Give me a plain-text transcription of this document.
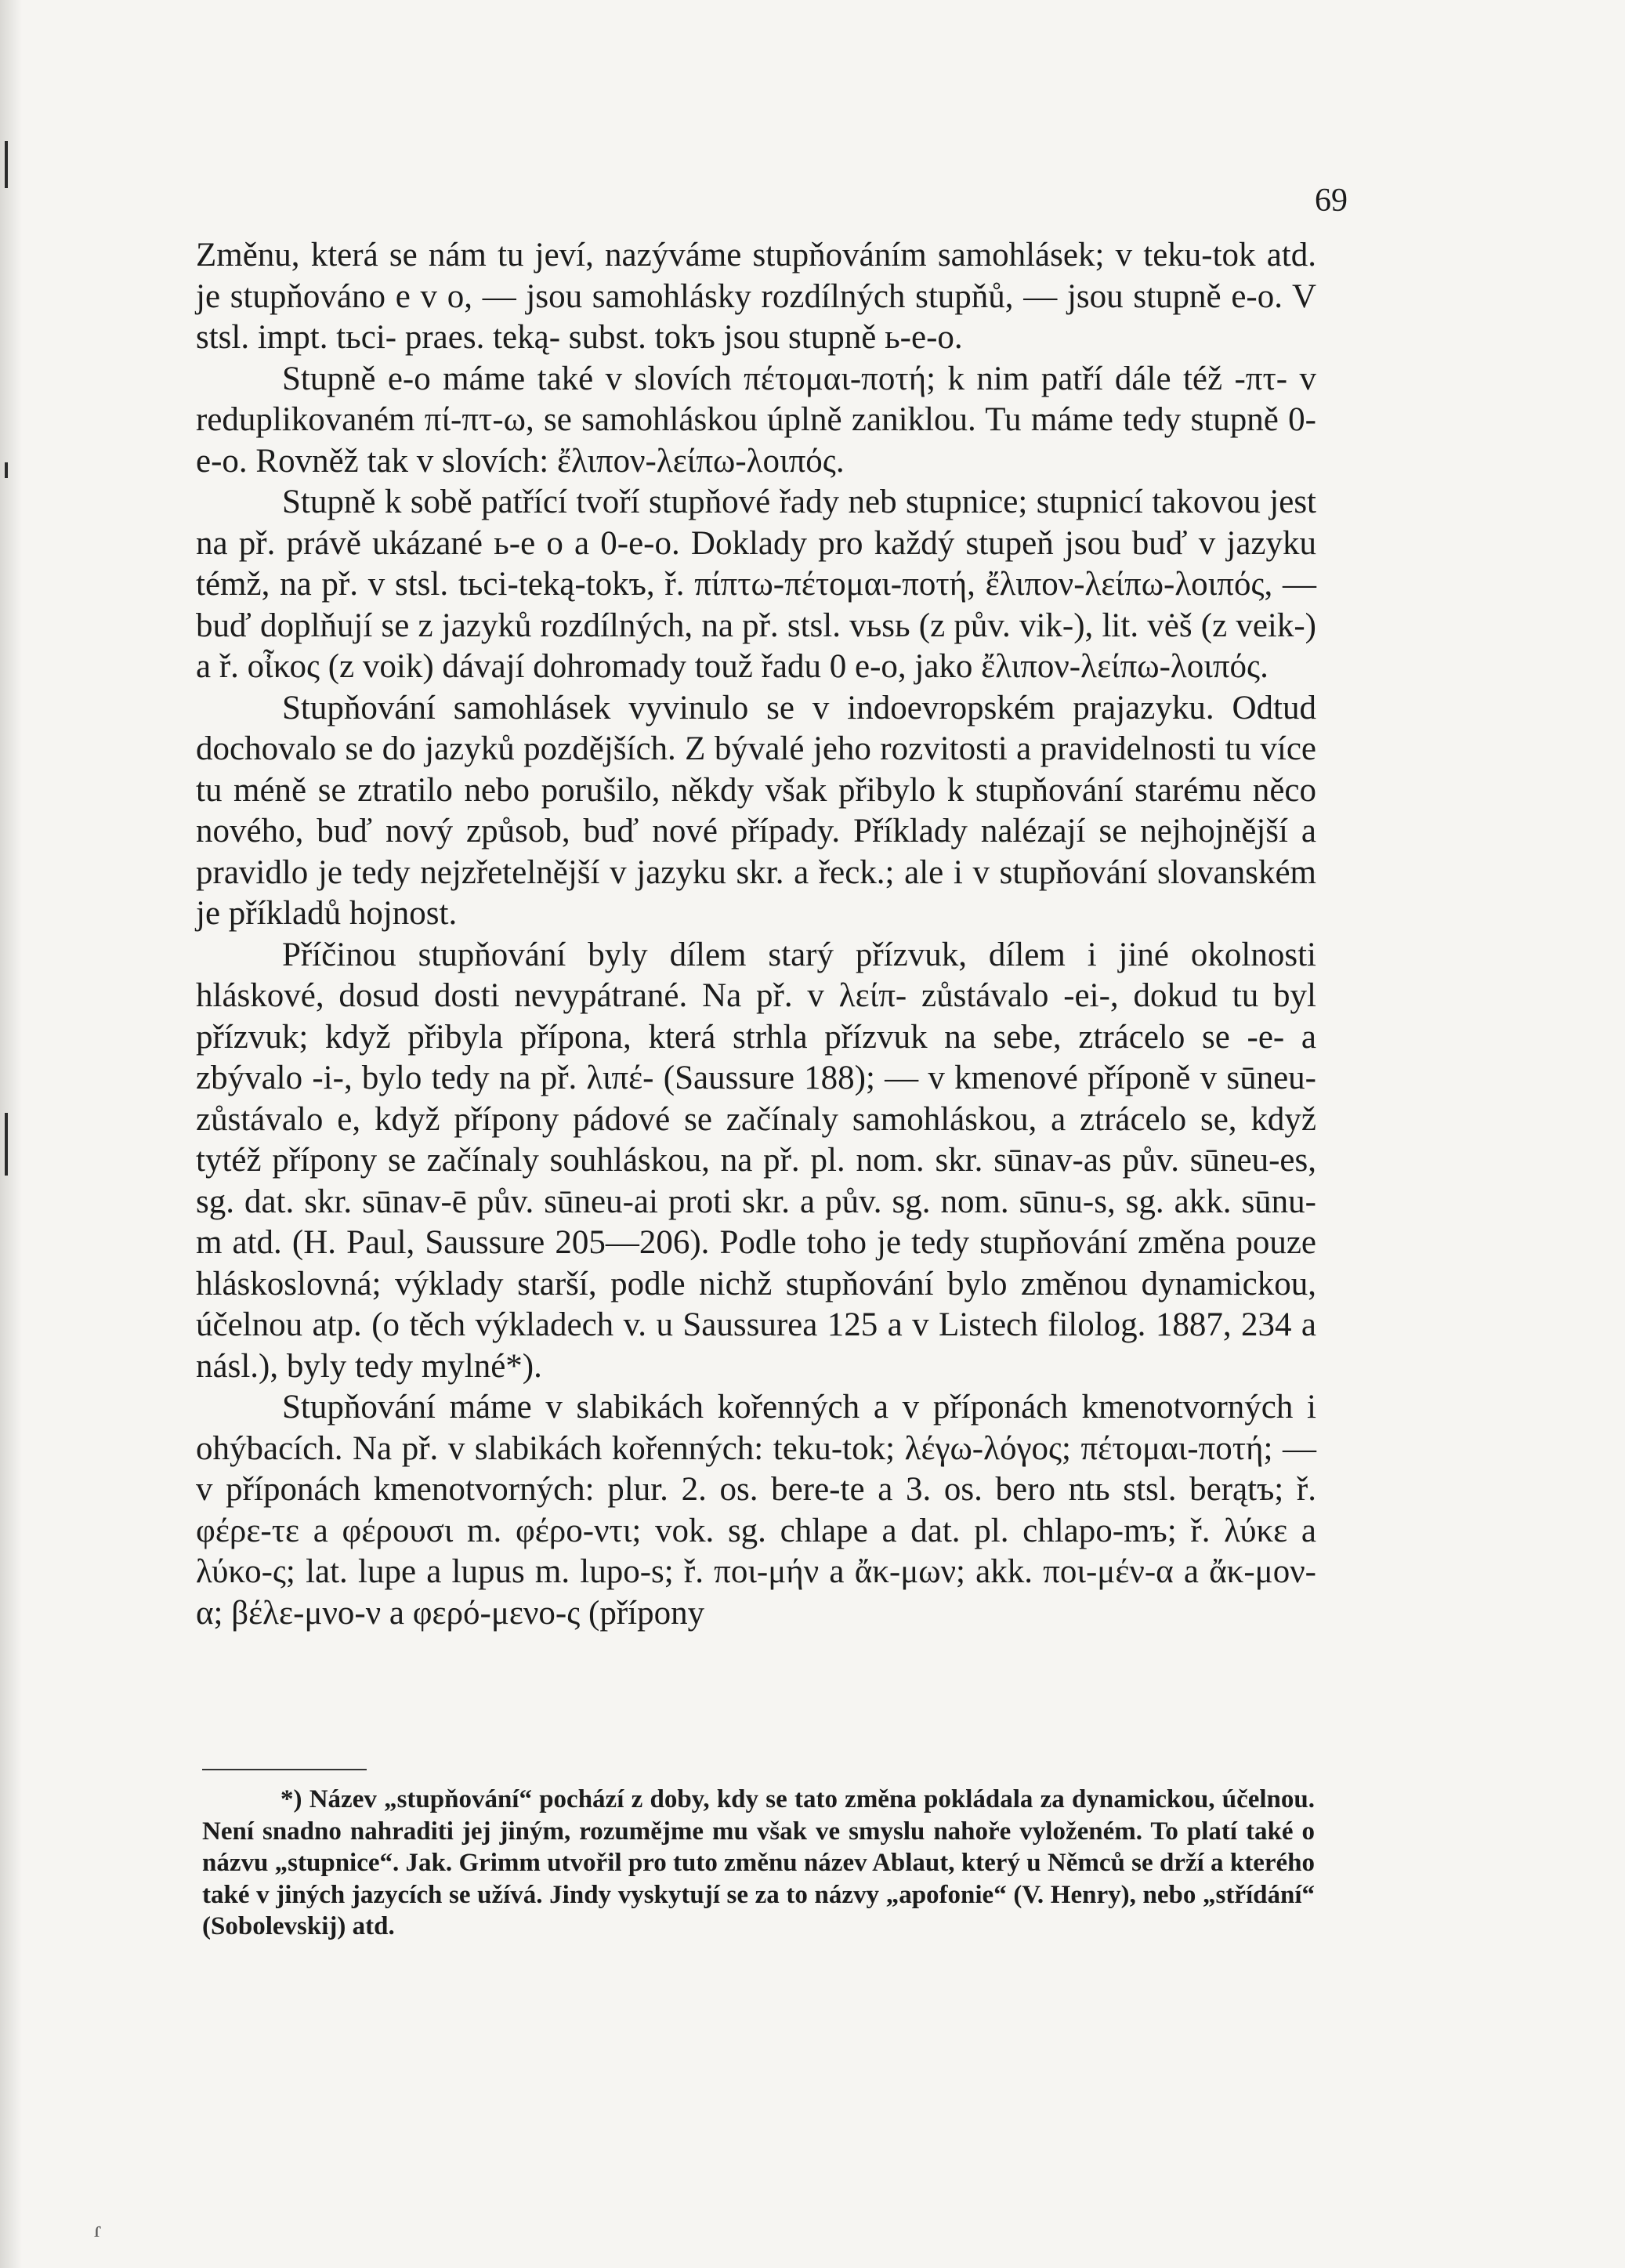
69

Změnu, která se nám tu jeví, nazýváme stupňováním samohlásek; v teku-tok atd. je stupňováno e v o, — jsou samohlásky rozdílných stupňů, — jsou stupně e-o. V stsl. impt. tьci- praes. teką- subst. tokъ jsou stupně ь-e-o.

Stupně e-o máme také v slovích πέτομαι-ποτή; k nim patří dále též -πτ- v reduplikovaném πί-πτ-ω, se samohláskou úplně zaniklou. Tu máme tedy stupně 0-e-o. Rovněž tak v slovích: ἔλιπον-λείπω-λοιπός.

Stupně k sobě patřící tvoří stupňové řady neb stupnice; stupnicí takovou jest na př. právě ukázané ь-e o a 0-e-o. Doklady pro každý stupeň jsou buď v jazyku témž, na př. v stsl. tьci-teką-tokъ, ř. πίπτω-πέτομαι-ποτή, ἔλιπον-λείπω-λοιπός, — buď doplňují se z jazyků rozdílných, na př. stsl. vьsь (z pův. vik-), lit. vėš (z veik-) a ř. οἶκος (z voik) dávají dohromady touž řadu 0 e-o, jako ἔλιπον-λείπω-λοιπός.

Stupňování samohlásek vyvinulo se v indoevropském prajazyku. Odtud dochovalo se do jazyků pozdějších. Z bývalé jeho rozvitosti a pravidelnosti tu více tu méně se ztratilo nebo porušilo, někdy však přibylo k stupňování starému něco nového, buď nový způsob, buď nové případy. Příklady nalézají se nejhojnější a pravidlo je tedy nejzřetelnější v jazyku skr. a řeck.; ale i v stupňování slovanském je příkladů hojnost.

Příčinou stupňování byly dílem starý přízvuk, dílem i jiné okolnosti hláskové, dosud dosti nevypátrané. Na př. v λείπ- zůstávalo -ei-, dokud tu byl přízvuk; když přibyla přípona, která strhla přízvuk na sebe, ztrácelo se -e- a zbývalo -i-, bylo tedy na př. λιπέ- (Saussure 188); — v kmenové příponě v sūneu- zůstávalo e, když přípony pádové se začínaly samohláskou, a ztrácelo se, když tytéž přípony se začínaly souhláskou, na př. pl. nom. skr. sūnav-as pův. sūneu-es, sg. dat. skr. sūnav-ē pův. sūneu-ai proti skr. a pův. sg. nom. sūnu-s, sg. akk. sūnu-m atd. (H. Paul, Saussure 205—206). Podle toho je tedy stupňování změna pouze hláskoslovná; výklady starší, podle nichž stupňování bylo změnou dynamickou, účelnou atp. (o těch výkladech v. u Saussurea 125 a v Listech filolog. 1887, 234 a násl.), byly tedy mylné*).

Stupňování máme v slabikách kořenných a v příponách kmenotvorných i ohýbacích. Na př. v slabikách kořenných: teku-tok; λέγω-λόγος; πέτομαι-ποτή; — v příponách kmenotvorných: plur. 2. os. bere-te a 3. os. bero ntь stsl. berątъ; ř. φέρε-τε a φέρουσι m. φέρο-ντι; vok. sg. chlape a dat. pl. chlapo-mъ; ř. λύκε a λύκο-ς; lat. lupe a lupus m. lupo-s; ř. ποι-μήν a ἄκ-μων; akk. ποι-μέν-α a ἄκ-μον-α; βέλε-μνο-ν a φερό-μενο-ς (přípony

*) Název „stupňování“ pochází z doby, kdy se tato změna pokládala za dynamickou, účelnou. Není snadno nahraditi jej jiným, rozumějme mu však ve smyslu nahoře vyloženém. To platí také o názvu „stupnice“. Jak. Grimm utvořil pro tuto změnu název Ablaut, který u Němců se drží a kterého také v jiných jazycích se užívá. Jindy vyskytují se za to názvy „apofonie“ (V. Henry), nebo „střídání“ (Sobolevskij) atd.
ɾ
